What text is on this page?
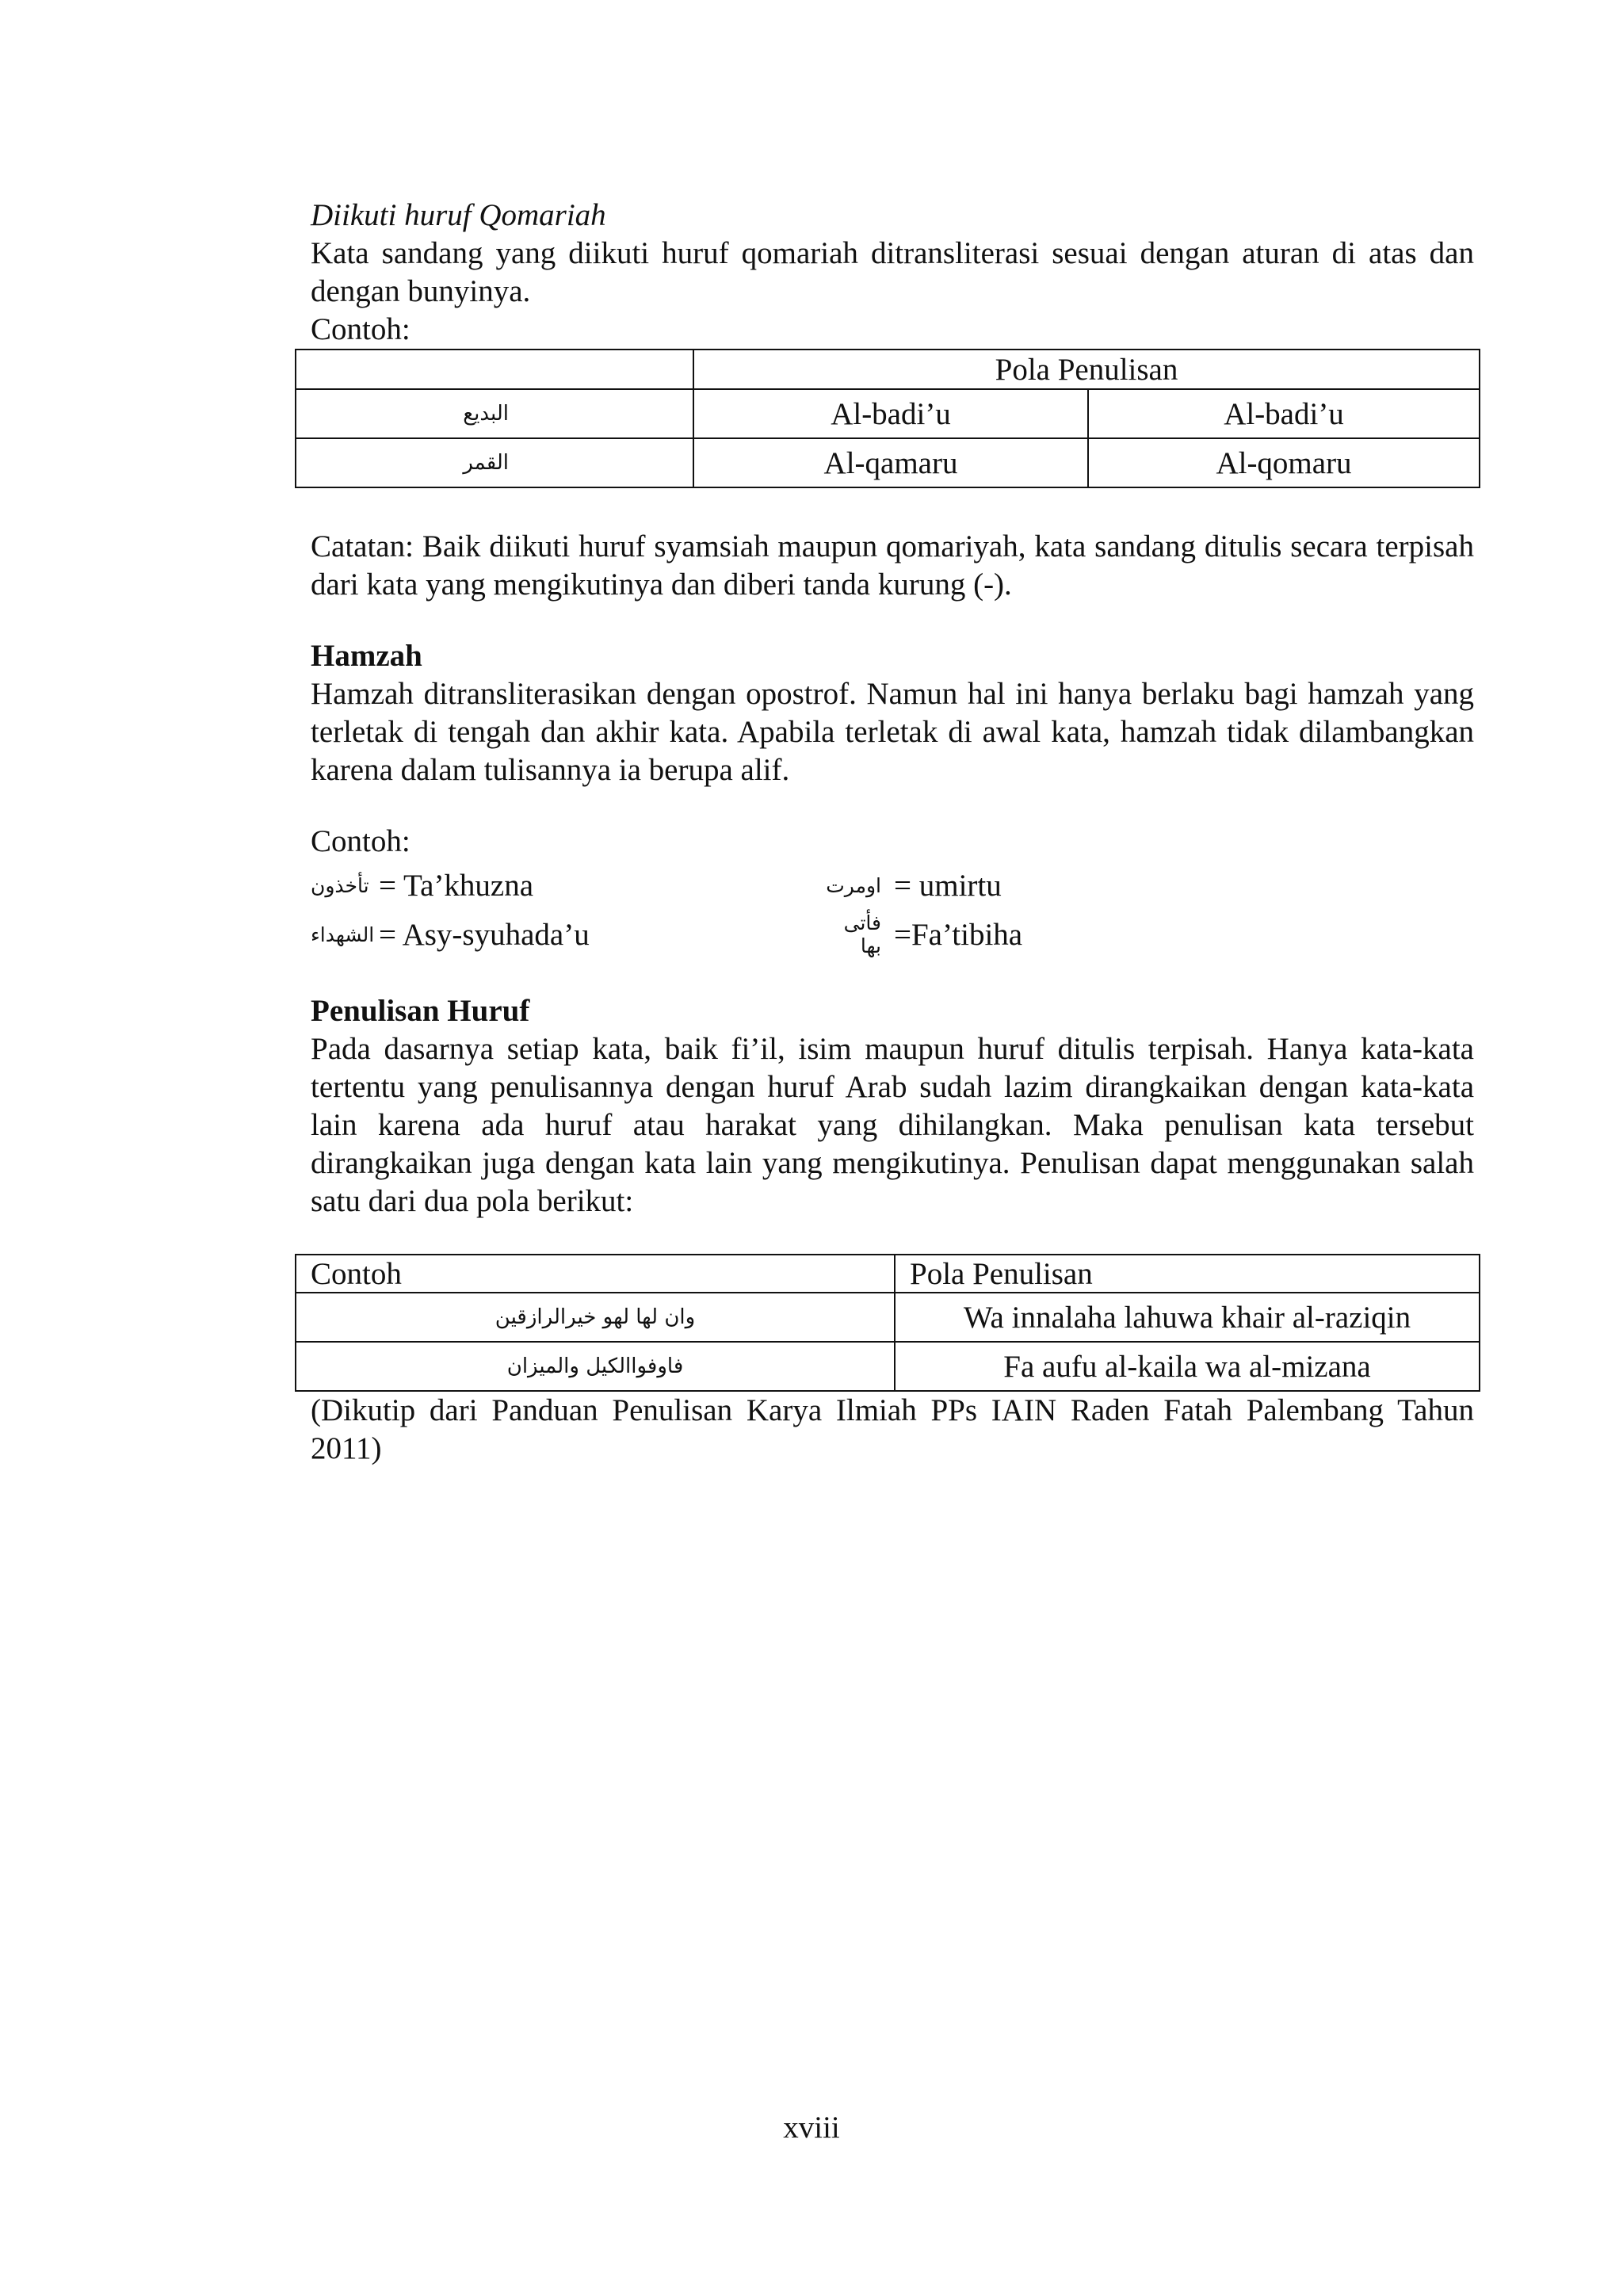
Diikuti huruf Qomariah

Kata sandang yang diikuti huruf qomariah ditransliterasi sesuai dengan aturan di atas dan dengan bunyinya.

Contoh:

	Pola Penulisan	
البديع	Al-badi’u	Al-badi’u
القمر	Al-qamaru	Al-qomaru

Catatan: Baik diikuti huruf syamsiah maupun qomariyah, kata sandang ditulis secara terpisah dari kata yang mengikutinya dan diberi tanda kurung (-).

Hamzah

Hamzah ditransliterasikan dengan opostrof. Namun hal ini hanya berlaku bagi hamzah yang terletak di tengah dan akhir kata. Apabila terletak di awal kata, hamzah tidak dilambangkan karena dalam tulisannya ia berupa alif.

Contoh:

تأخذون = Ta’khuzna	اومرت = umirtu
الشهداء = Asy-syuhada’u	فأتى بها =Fa’tibiha

Penulisan Huruf

Pada dasarnya setiap kata, baik fi’il, isim maupun huruf ditulis terpisah. Hanya kata-kata tertentu yang penulisannya dengan huruf Arab sudah lazim dirangkaikan dengan kata-kata lain karena ada huruf atau harakat yang dihilangkan. Maka penulisan kata tersebut dirangkaikan juga dengan kata lain yang mengikutinya. Penulisan dapat menggunakan salah satu dari dua pola berikut:

Contoh	Pola Penulisan
وان لها لهو خيرالرازقين	Wa innalaha lahuwa khair al-raziqin
فاوفواالكيل والميزان	Fa aufu al-kaila wa al-mizana

(Dikutip dari Panduan Penulisan Karya Ilmiah PPs IAIN Raden Fatah Palembang Tahun 2011)

xviii
